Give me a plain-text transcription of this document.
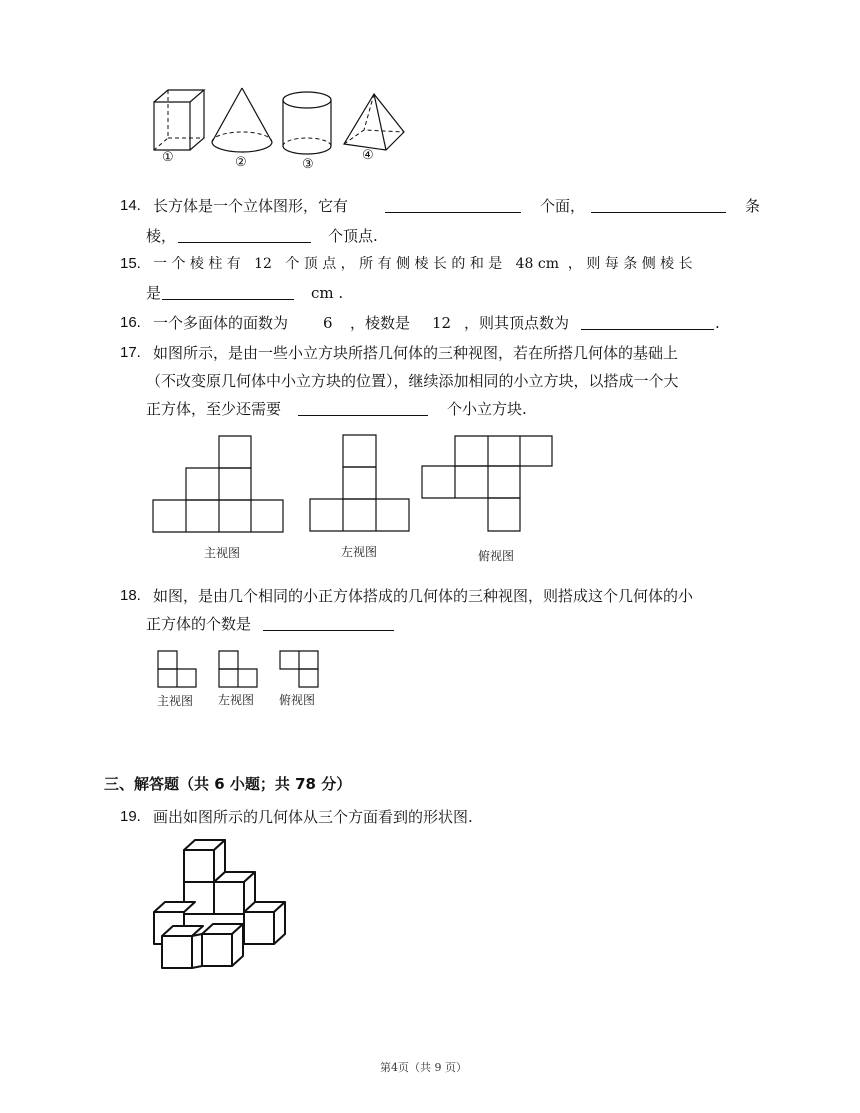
①	②	③
④
14. 长方体是一个立体图形，它有	个面，	条
棱，	个顶点.
15. 一 个 棱 柱 有   12   个 顶 点 ， 所 有 侧 棱 长 的 和 是   48 cm  ， 则 每 条 侧 棱 长
是	cm .
16. 一个多面体的面数为 6 ，棱数是 12 ，则其顶点数为	.
17. 如图所示，是由一些小立方块所搭几何体的三种视图，若在所搭几何体的基础上
（不改变原几何体中小立方块的位置），继续添加相同的小立方块，以搭成一个大
正方体，至少还需要	个小立方块.
主视图	左视图	俯视图
18. 如图，是由几个相同的小正方体搭成的几何体的三种视图，则搭成这个几何体的小
正方体的个数是
主视图 左视图 俯视图
三、解答题（共 6 小题；共 78 分）
19. 画出如图所示的几何体从三个方面看到的形状图.
第4页（共 9 页）
